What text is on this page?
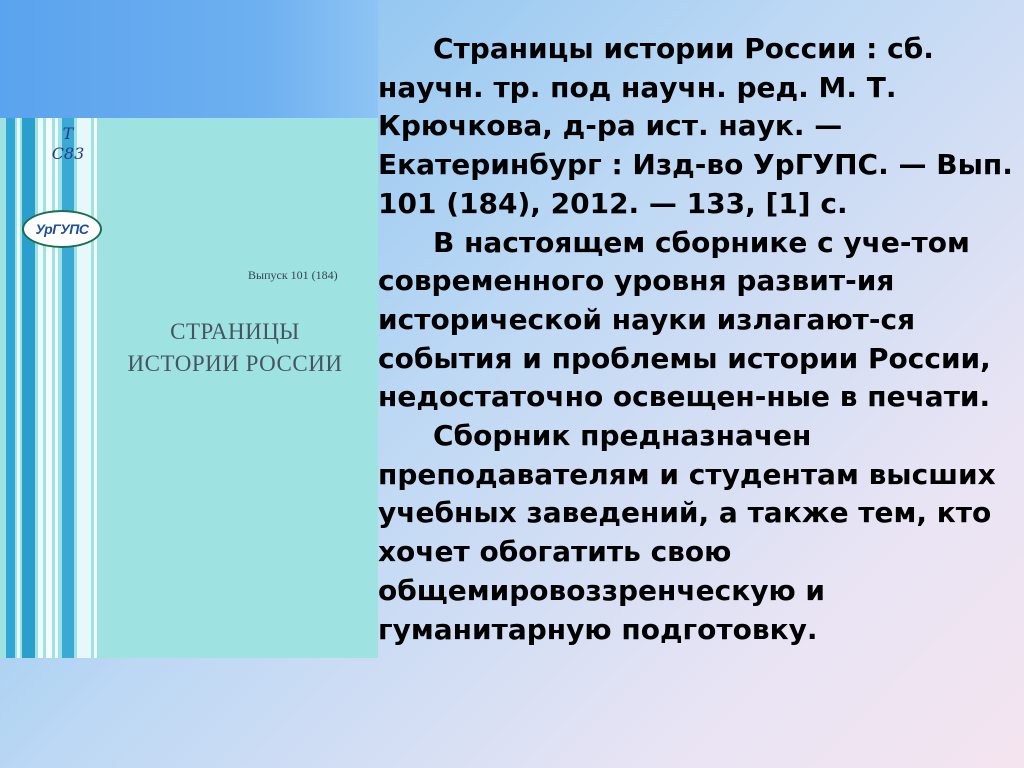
Т
С83
УрГУПС
Выпуск 101 (184)
СТРАНИЦЫ
ИСТОРИИ РОССИИ

Страницы истории России : сб. научн. тр. под научн. ред. М. Т. Крючкова, д-ра ист. наук. — Екатеринбург : Изд-во УрГУПС. — Вып. 101 (184), 2012. — 133, [1] с.

В настоящем сборнике с уче-том современного уровня развит-ия исторической науки излагают-ся события и проблемы истории России, недостаточно освещен-ные в печати.

Сборник предназначен преподавателям и студентам высших учебных заведений, а также тем, кто хочет обогатить свою общемировоззренческую и гуманитарную подготовку.
